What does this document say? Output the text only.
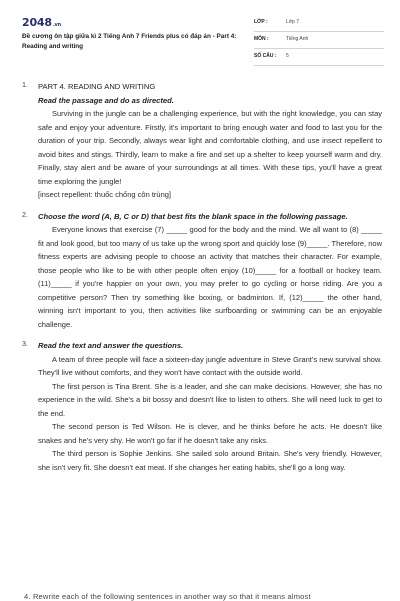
2048.vn
Đề cương ôn tập giữa kì 2 Tiếng Anh 7 Friends plus có đáp án - Part 4: Reading and writing
LỚP :	Lớp 7
MÔN :	Tiếng Anh
SỐ CÂU : 5
1. PART 4. READING AND WRITING
Read the passage and do as directed.
Surviving in the jungle can be a challenging experience, but with the right knowledge, you can stay safe and enjoy your adventure. Firstly, it's important to bring enough water and food to last you for the duration of your trip. Secondly, always wear light and comfortable clothing, and use insect repellent to avoid bites and stings. Thirdly, learn to make a fire and set up a shelter to keep yourself warm and dry. Finally, stay alert and be aware of your surroundings at all times. With these tips, you'll have a great time exploring the jungle!
[insect repellent: thuốc chống côn trùng]
2. Choose the word (A, B, C or D) that best fits the blank space in the following passage.
Everyone knows that exercise (7) _____ good for the body and the mind. We all want to (8) _____ fit and look good, but too many of us take up the wrong sport and quickly lose (9)_____. Therefore, now fitness experts are advising people to choose an activity that matches their character. For example, those people who like to be with other people often enjoy (10)_____ for a football or hockey team. (11)_____ if you're happier on your own, you may prefer to go cycling or horse riding. Are you a competitive person? Then try something like boxing, or badminton. If, (12)_____ the other hand, winning isn't important to you, then activities like surfboarding or swimming can be an enjoyable challenge.
3. Read the text and answer the questions.
A team of three people will face a sixteen-day jungle adventure in Steve Grant's new survival show. They'll live without comforts, and they won't have contact with the outside world.
The first person is Tina Brent. She is a leader, and she can make decisions. However, she has no experience in the wild. She's a bit bossy and doesn't like to listen to others. She will need luck to get to the end.
The second person is Ted Wilson. He is clever, and he thinks before he acts. He doesn't like snakes and he's very shy. He won't go far if he doesn't take any risks.
The third person is Sophie Jenkins. She sailed solo around Britain. She's very friendly. However, she isn't very fit. She doesn't eat meat. If she changes her eating habits, she'll go a long way.
4. Rewrite each of the following sentences in another way so that it means almost
